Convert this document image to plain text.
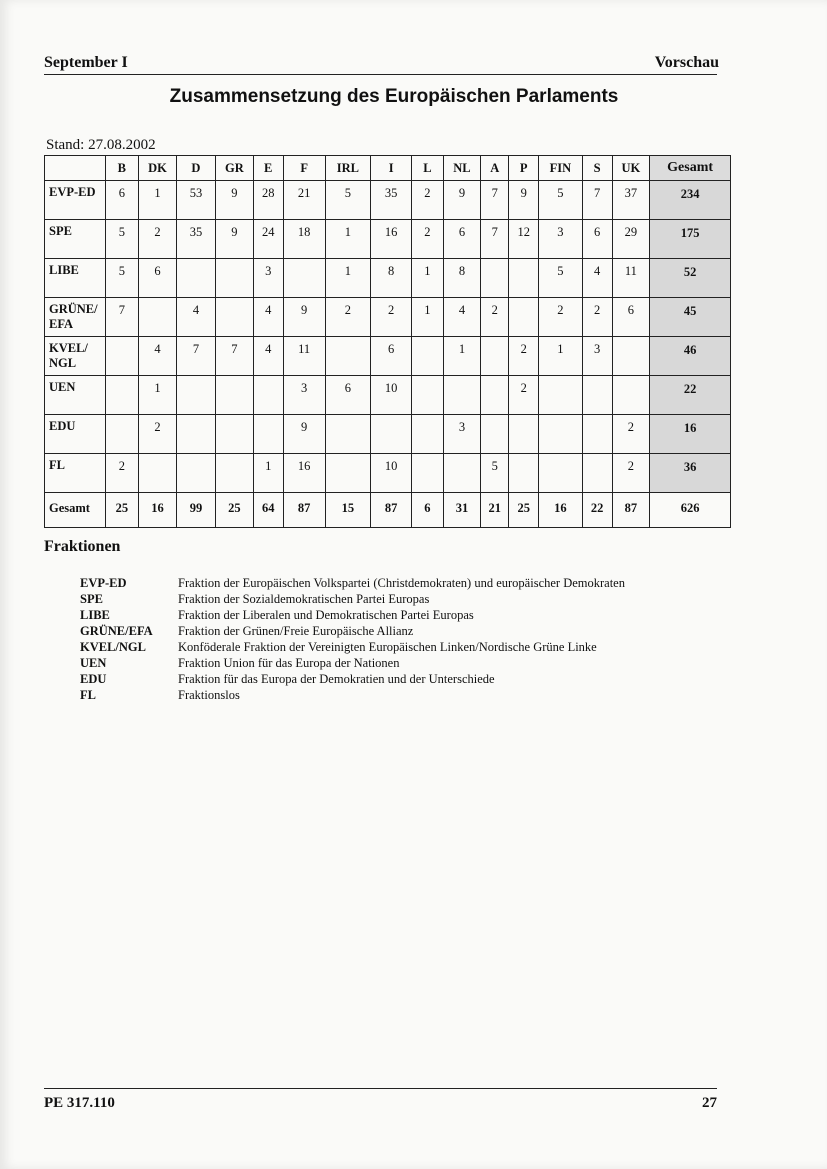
September I	Vorschau
Zusammensetzung des Europäischen Parlaments
Stand: 27.08.2002
	B	DK	D	GR	E	F	IRL	I	L	NL	A	P	FIN	S	UK	Gesamt
EVP-ED	6	1	53	9	28	21	5	35	2	9	7	9	5	7	37	234
SPE	5	2	35	9	24	18	1	16	2	6	7	12	3	6	29	175
LIBE	5	6			3		1	8	1	8			5	4	11	52
GRÜNE/ EFA	7		4		4	9	2	2	1	4	2		2	2	6	45
KVEL/ NGL		4	7	7	4	11		6		1		2	1	3		46
UEN		1				3	6	10				2				22
EDU		2				9				3					2	16
FL	2				1	16		10			5				2	36
Gesamt	25	16	99	25	64	87	15	87	6	31	21	25	16	22	87	626
Fraktionen
EVP-ED	Fraktion der Europäischen Volkspartei (Christdemokraten) und europäischer Demokraten
SPE	Fraktion der Sozialdemokratischen Partei Europas
LIBE	Fraktion der Liberalen und Demokratischen Partei Europas
GRÜNE/EFA	Fraktion der Grünen/Freie Europäische Allianz
KVEL/NGL	Konföderale Fraktion der Vereinigten Europäischen Linken/Nordische Grüne Linke
UEN	Fraktion Union für das Europa der Nationen
EDU	Fraktion für das Europa der Demokratien und der Unterschiede
FL	Fraktionslos
PE 317.110	27
